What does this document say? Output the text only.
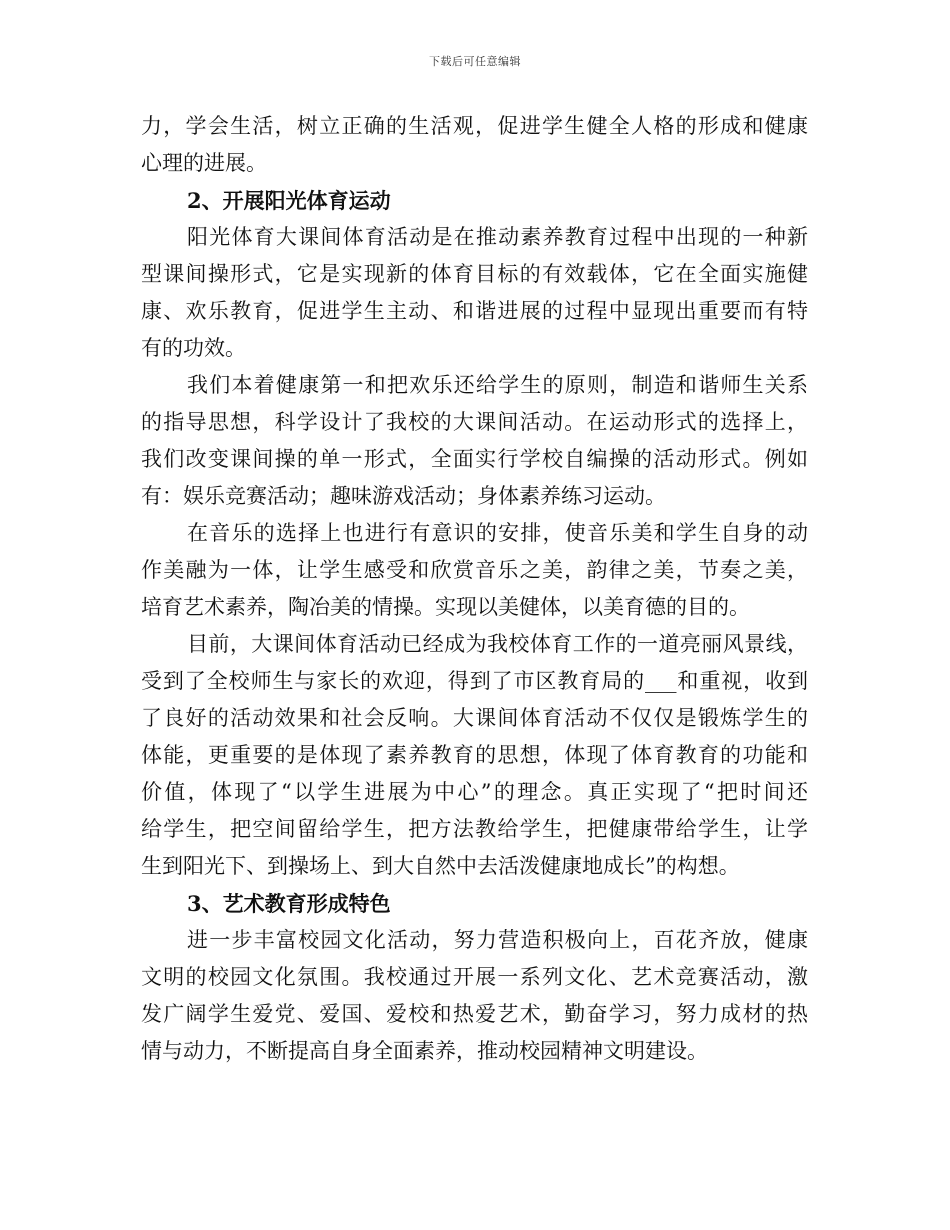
下载后可任意编辑
力，学会生活，树立正确的生活观，促进学生健全人格的形成和健康
心理的进展。
2、开展阳光体育运动
阳光体育大课间体育活动是在推动素养教育过程中出现的一种新
型课间操形式，它是实现新的体育目标的有效载体，它在全面实施健
康、欢乐教育，促进学生主动、和谐进展的过程中显现出重要而有特
有的功效。
我们本着健康第一和把欢乐还给学生的原则，制造和谐师生关系
的指导思想，科学设计了我校的大课间活动。在运动形式的选择上，
我们改变课间操的单一形式，全面实行学校自编操的活动形式。例如
有：娱乐竞赛活动；趣味游戏活动；身体素养练习运动。
在音乐的选择上也进行有意识的安排，使音乐美和学生自身的动
作美融为一体，让学生感受和欣赏音乐之美，韵律之美，节奏之美，
培育艺术素养，陶冶美的情操。实现以美健体，以美育德的目的。
目前，大课间体育活动已经成为我校体育工作的一道亮丽风景线，
受到了全校师生与家长的欢迎，得到了市区教育局的___和重视，收到
了良好的活动效果和社会反响。大课间体育活动不仅仅是锻炼学生的
体能，更重要的是体现了素养教育的思想，体现了体育教育的功能和
价值，体现了“以学生进展为中心”的理念。真正实现了“把时间还
给学生，把空间留给学生，把方法教给学生，把健康带给学生，让学
生到阳光下、到操场上、到大自然中去活泼健康地成长”的构想。
3、艺术教育形成特色
进一步丰富校园文化活动，努力营造积极向上，百花齐放，健康
文明的校园文化氛围。我校通过开展一系列文化、艺术竞赛活动，激
发广阔学生爱党、爱国、爱校和热爱艺术，勤奋学习，努力成材的热
情与动力，不断提高自身全面素养，推动校园精神文明建设。
